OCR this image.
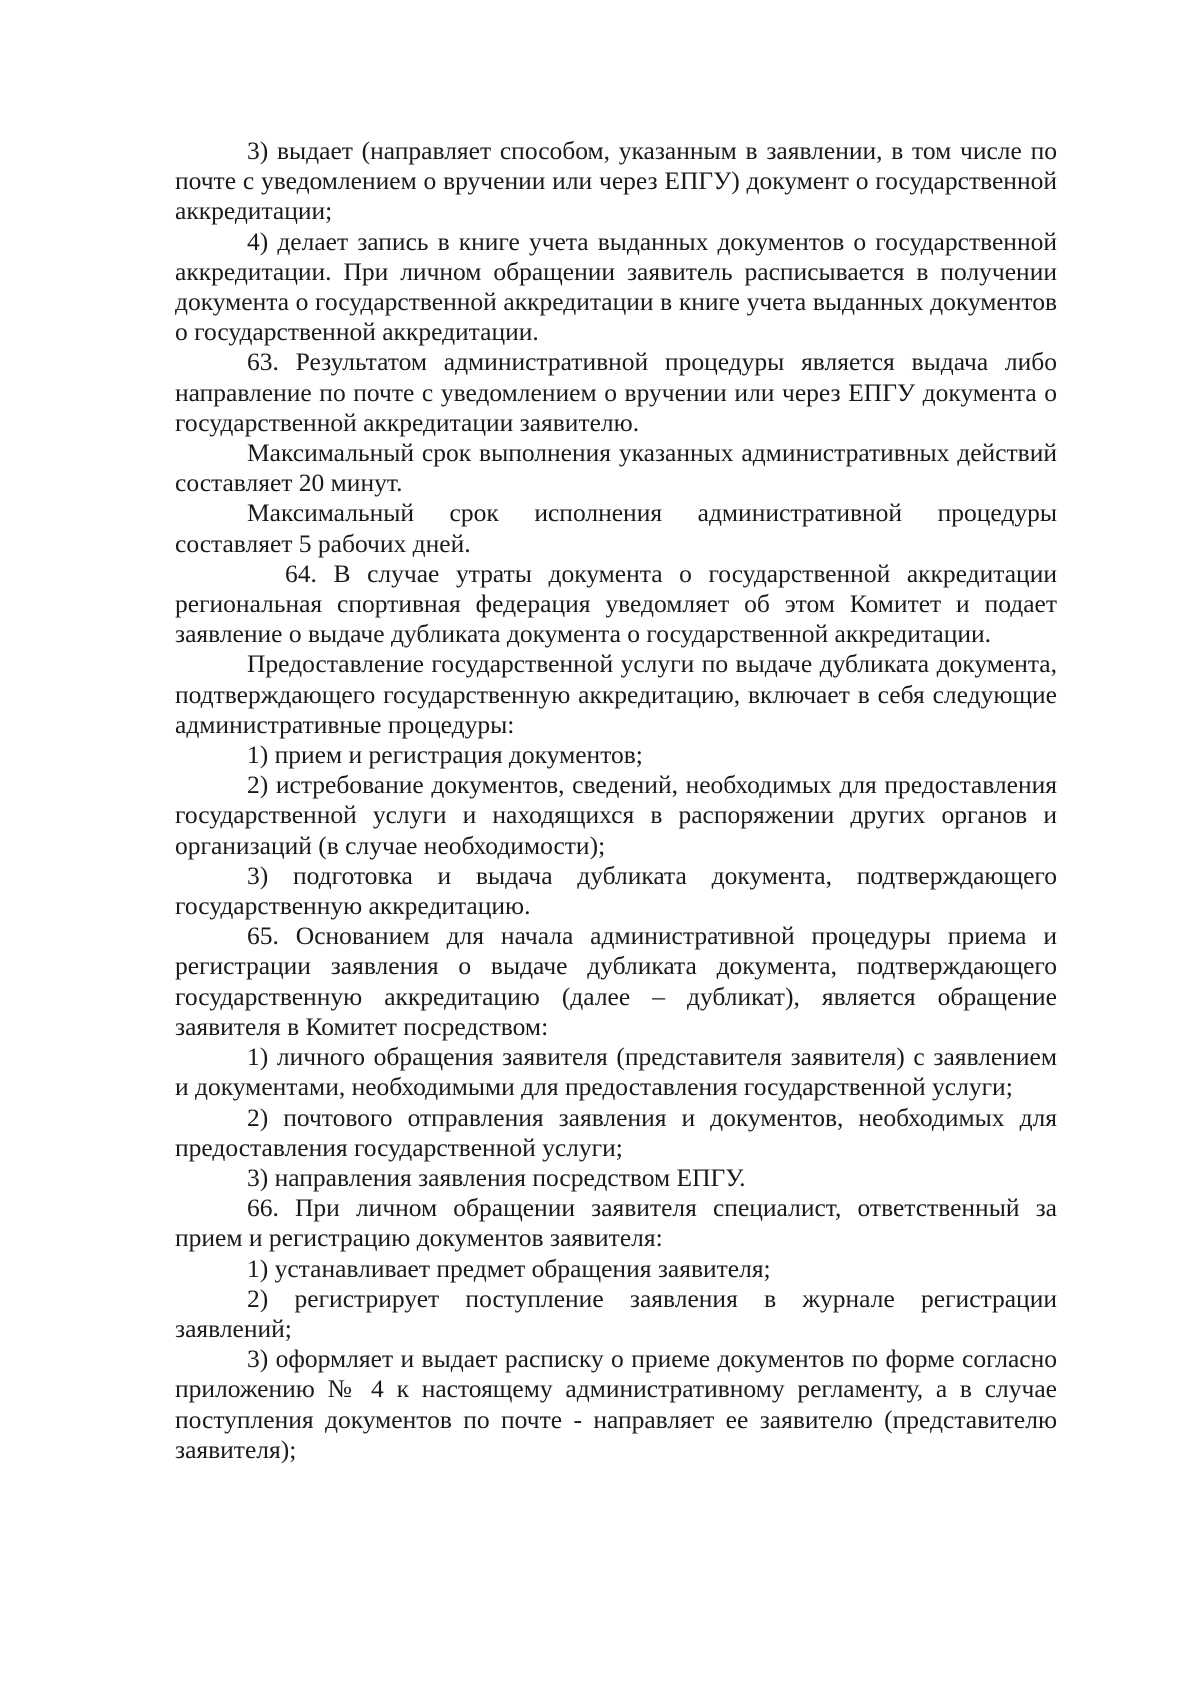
3) выдает (направляет способом, указанным в заявлении, в том числе по почте с уведомлением о вручении или через ЕПГУ) документ о государственной аккредитации;

4) делает запись в книге учета выданных документов о государственной аккредитации. При личном обращении заявитель расписывается в получении документа о государственной аккредитации в книге учета выданных документов о государственной аккредитации.

63. Результатом административной процедуры является выдача либо направление по почте с уведомлением о вручении или через ЕПГУ документа о государственной аккредитации заявителю.

Максимальный срок выполнения указанных административных действий составляет 20 минут.

Максимальный срок исполнения административной процедуры составляет 5 рабочих дней.

64. В случае утраты документа о государственной аккредитации региональная спортивная федерация уведомляет об этом Комитет и подает заявление о выдаче дубликата документа о государственной аккредитации.

Предоставление государственной услуги по выдаче дубликата документа, подтверждающего государственную аккредитацию, включает в себя следующие административные процедуры:

1) прием и регистрация документов;

2) истребование документов, сведений, необходимых для предоставления государственной услуги и находящихся в распоряжении других органов и организаций (в случае необходимости);

3) подготовка и выдача дубликата документа, подтверждающего государственную аккредитацию.

65. Основанием для начала административной процедуры приема и регистрации заявления о выдаче дубликата документа, подтверждающего государственную аккредитацию (далее – дубликат), является обращение заявителя в Комитет посредством:

1) личного обращения заявителя (представителя заявителя) с заявлением и документами, необходимыми для предоставления государственной услуги;

2) почтового отправления заявления и документов, необходимых для предоставления государственной услуги;

3) направления заявления посредством ЕПГУ.

66. При личном обращении заявителя специалист, ответственный за прием и регистрацию документов заявителя:

1) устанавливает предмет обращения заявителя;

2) регистрирует поступление заявления в журнале регистрации заявлений;

3) оформляет и выдает расписку о приеме документов по форме согласно приложению № 4 к настоящему административному регламенту, а в случае поступления документов по почте - направляет ее заявителю (представителю заявителя);
